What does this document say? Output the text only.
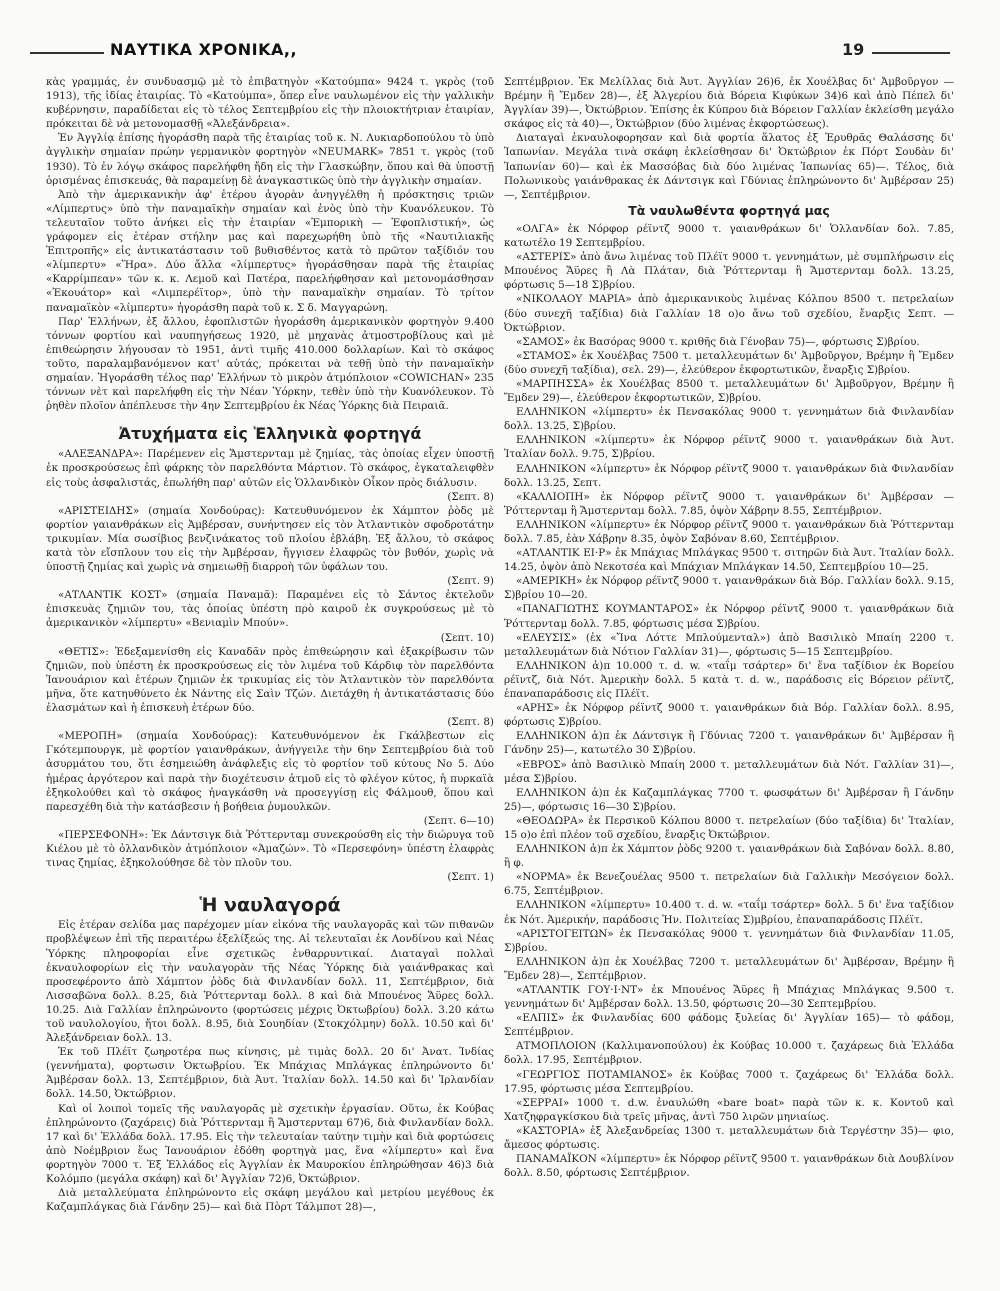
ΝΑΥΤΙΚΑ ΧΡΟΝΙΚΑ,,	19

κὰς γραμμάς, ἐν συνδυασμῷ μὲ τὸ ἐπιβατηγὸν «Κατούμπα» 9424 τ. γκρὸς (τοῦ 1913), τῆς ἰδίας ἑταιρίας. Τὸ «Κατούμπα», ὅπερ εἶνε ναυλωμένον εἰς τὴν γαλλικὴν κυβέρνησιν, παραδίδεται εἰς τὸ τέλος Σεπτεμβρίου εἰς τὴν πλοιοκτήτριαν ἑταιρίαν, πρόκειται δὲ νὰ μετονομασθῇ «Ἀλεξάνδρεια».

Ἐν Ἀγγλίᾳ ἐπίσης ἠγοράσθη παρὰ τῆς ἑταιρίας τοῦ κ. Ν. Λυκιαρδοπούλου τὸ ὑπὸ ἀγγλικὴν σημαίαν πρώην γερμανικὸν φορτηγὸν «NEUMARK» 7851 τ. γκρὸς (τοῦ 1930). Τὸ ἐν λόγῳ σκάφος παρελήφθη ἤδη εἰς τὴν Γλασκώβην, ὅπου καὶ θὰ ὑποστῇ ὁρισμένας ἐπισκευάς, θὰ παραμείνῃ δὲ ἀναγκαστικῶς ὑπὸ τὴν ἀγγλικὴν σημαίαν.

Ἀπὸ τὴν ἀμερικανικὴν ἀφ' ἑτέρου ἀγορὰν ἀνηγγέλθη ἡ πρόσκτησις τριῶν «Λίμπερτυς» ὑπὸ τὴν παναμαϊκὴν σημαίαν καὶ ἑνὸς ὑπὸ τὴν Κυανόλευκον. Τὸ τελευταῖον τοῦτο ἀνήκει εἰς τὴν ἑταιρίαν «Ἐμπορικὴ — Ἐφοπλιστική», ὡς γράφομεν εἰς ἑτέραν στήλην μας καὶ παρεχωρήθη ὑπὸ τῆς «Ναυτιλιακῆς Ἐπιτροπῆς» εἰς ἀντικατάστασιν τοῦ βυθισθέντος κατὰ τὸ πρῶτον ταξίδιόν του «λίμπερτυ» «Ἥρα». Δύο ἄλλα «λίμπερτυς» ἠγοράσθησαν παρὰ τῆς ἑταιρίας «Καρρίμπεαν» τῶν κ. κ. Λεμοῦ καὶ Πατέρα, παρελήφθησαν καὶ μετονομάσθησαν «Ἐκουάτορ» καὶ «Λιμπερέϊτορ», ὑπὸ τὴν παναμαϊκὴν σημαίαν. Τὸ τρίτον παναμαϊκὸν «λίμπερτυ» ἠγοράσθη παρὰ τοῦ κ. Σ δ. Μαγγαρώνη.

Παρ' Ἑλλήνων, ἐξ ἄλλου, ἐφοπλιστῶν ἠγοράσθη ἀμερικανικὸν φορτηγὸν 9.400 τόννων φορτίου καὶ ναυπηγήσεως 1920, μὲ μηχανὰς ἀτμοστροβίλους καὶ μὲ ἐπιθεώρησιν λήγουσαν τὸ 1951, ἀντὶ τιμῆς 410.000 δολλαρίων. Καὶ τὸ σκάφος τοῦτο, παραλαμβανόμενον κατ' αὐτάς, πρόκειται νὰ τεθῇ ὑπὸ τὴν παναμαϊκὴν σημαίαν. Ἠγοράσθη τέλος παρ' Ἑλλήνων τὸ μικρὸν ἀτμόπλοιον «COWICHAN» 235 τόννων νὲτ καὶ παρελήφθη εἰς τὴν Νέαν Ὑόρκην, τεθὲν ὑπὸ τὴν Κυανόλευκον. Τὸ ῥηθὲν πλοῖον ἀπέπλευσε τὴν 4ην Σεπτεμβρίου ἐκ Νέας Ὑόρκης διὰ Πειραιᾶ.

Ἀτυχήματα εἰς Ἑλληνικὰ φορτηγά

«ΑΛΕΞΑΝΔΡΑ»: Παρέμενεν εἰς Ἄμστερνταμ μὲ ζημίας, τὰς ὁποίας εἶχεν ὑποστῇ ἐκ προσκρούσεως ἐπὶ φάρκης τὸν παρελθόντα Μάρτιον. Τὸ σκάφος, ἐγκαταλειφθὲν εἰς τοὺς ἀσφαλιστάς, ἐπωλήθη παρ' αὐτῶν εἰς Ὁλλανδικὸν Οἶκον πρὸς διάλυσιν.

(Σεπτ. 8)

«ΑΡΙΣΤΕΙΔΗΣ» (σημαία Χονδούρας): Κατευθυνόμενον ἐκ Χάμπτον ῥὸδς μὲ φορτίον γαιανθράκων εἰς Ἀμβέρσαν, συνήντησεν εἰς τὸν Ἀτλαντικὸν σφοδροτάτην τρικυμίαν. Μία σωσίβιος βενζινάκατος τοῦ πλοίου ἐβλάβη. Ἐξ ἄλλου, τὸ σκάφος κατὰ τὸν εἴσπλουν του εἰς τὴν Ἀμβέρσαν, ἤγγισεν ἐλαφρῶς τὸν βυθόν, χωρὶς νὰ ὑποστῇ ζημίας καὶ χωρὶς νὰ σημειωθῇ διαρροὴ τῶν ὑφάλων του.

(Σεπτ. 9)

«ΑΤΛΑΝΤΙΚ ΚΟΣΤ» (σημαία Παναμᾶ): Παραμένει εἰς τὸ Σάντος ἐκτελοῦν ἐπισκευὰς ζημιῶν του, τὰς ὁποίας ὑπέστη πρὸ καιροῦ ἐκ συγκρούσεως μὲ τὸ ἀμερικανικὸν «λίμπερτυ» «Βενιαμὶν Μπούν».

(Σεπτ. 10)

«ΘΕΤΙΣ»: Ἐδεξαμενίσθη εἰς Καναδᾶν πρὸς ἐπιθεώρησιν καὶ ἐξακρίβωσιν τῶν ζημιῶν, ποὺ ὑπέστη ἐκ προσκρούσεως εἰς τὸν λιμένα τοῦ Κάρδιφ τὸν παρελθόντα Ἰανουάριον καὶ ἑτέρων ζημιῶν ἐκ τρικυμίας εἰς τὸν Ἀτλαντικὸν τὸν παρελθόντα μῆνα, ὅτε κατηυθύνετο ἐκ Νάντης εἰς Σαὶν Τζών. Διετάχθη ἡ ἀντικατάστασις δύο ἐλασμάτων καὶ ἡ ἐπισκευὴ ἑτέρων δύο.

(Σεπτ. 8)

«ΜΕΡΟΠΗ» (σημαία Χονδούρας): Κατευθυνόμενον ἐκ Γκάλβεστων εἰς Γκότεμπουργκ, μὲ φορτίον γαιανθράκων, ἀνήγγειλε τὴν 6ην Σεπτεμβρίου διὰ τοῦ ἀσυρμάτου του, ὅτι ἐσημειώθη ἀνάφλεξις εἰς τὸ φορτίον τοῦ κύτους No 5. Δύο ἡμέρας ἀργότερον καὶ παρὰ τὴν διοχέτευσιν ἀτμοῦ εἰς τὸ φλέγον κύτος, ἡ πυρκαϊὰ ἐξηκολούθει καὶ τὸ σκάφος ἠναγκάσθη νὰ προσεγγίσῃ εἰς Φάλμουθ, ὅπου καὶ παρεσχέθη διὰ τὴν κατάσβεσιν ἡ βοήθεια ῥυμουλκῶν.

(Σεπτ. 6—10)

«ΠΕΡΣΕΦΟΝΗ»: Ἐκ Δάντσιγκ διὰ Ῥόττερνταμ συνεκρούσθη εἰς τὴν διώρυγα τοῦ Κιέλου μὲ τὸ ὁλλανδικὸν ἀτμόπλοιον «Ἀμαζών». Τὸ «Περσεφόνη» ὑπέστη ἐλαφρὰς τινας ζημίας, ἐξηκολούθησε δὲ τὸν πλοῦν του.

(Σεπτ. 1)

Ἡ ναυλαγορά

Εἰς ἑτέραν σελίδα μας παρέχομεν μίαν εἰκόνα τῆς ναυλαγορᾶς καὶ τῶν πιθανῶν προβλέψεων ἐπὶ τῆς περαιτέρω ἐξελίξεώς της. Αἱ τελευταῖαι ἐκ Λονδίνου καὶ Νέας Ὑόρκης πληροφορίαι εἶνε σχετικῶς ἐνθαρρυντικαί. Διαταγαὶ πολλαὶ ἐκναυλοφορίων εἰς τὴν ναυλαγορὰν τῆς Νέας Ὑόρκης διὰ γαιάνθρακας καὶ προσεφέροντο ἀπὸ Χάμπτον ῥὸδς διὰ Φινλανδίαν δολλ. 11, Σεπτέμβριον, διὰ Λισσαβῶνα δολλ. 8.25, διὰ Ῥόττερνταμ δολλ. 8 καὶ διὰ Μπουένος Ἄϋρες δολλ. 10.25. Διὰ Γαλλίαν ἐπληρώνοντο (φορτώσεις μέχρις Ὀκτωβρίου) δολλ. 3.20 κάτω τοῦ ναυλολογίου, ἤτοι δολλ. 8.95, διὰ Σουηδίαν (Στοκχόλμην) δολλ. 10.50 καὶ δι' Ἀλεξάνδρειαν δολλ. 13.

Ἐκ τοῦ Πλέϊτ ζωηροτέρα πως κίνησις, μὲ τιμὰς δολλ. 20 δι' Ἀνατ. Ἰνδίας (γεννήματα), φορτωσιν Ὀκτωβρίου. Ἐκ Μπάχιας Μπλάγκας ἐπληρώνοντο δι' Ἀμβέρσαν δολλ. 13, Σεπτέμβριον, διὰ Ἀυτ. Ἰταλίαν δολλ. 14.50 καὶ δι' Ἰρλανδίαν δολλ. 14.50, Ὀκτώβριον.

Καὶ οἱ λοιποὶ τομεῖς τῆς ναυλαγορᾶς μὲ σχετικὴν ἐργασίαν. Οὕτω, ἐκ Κούβας ἐπληρώνοντο (ζαχάρεις) διὰ Ῥόττερνταμ ἢ Ἄμστερνταμ 67)6, διὰ Φινλανδίαν δολλ. 17 καὶ δι' Ἑλλάδα δολλ. 17.95. Εἰς τὴν τελευταίαν ταύτην τιμὴν καὶ διὰ φορτώσεις ἀπὸ Νοέμβριον ἕως Ἰανουάριον ἐδόθη φορτηγὰ μας, ἕνα «λίμπερτυ» καὶ ἕνα φορτηγὸν 7000 τ. Ἐξ Ἑλλάδος εἰς Ἀγγλίαν ἐκ Μαυροκίου ἐπληρώθησαν 46)3 διὰ Κολόμπο (μεγάλα σκάφη) καὶ δι' Ἀγγλίαν 72)6, Ὀκτώβριον.

Διὰ μεταλλεύματα ἐπληρώνοντο εἰς σκάφη μεγάλου καὶ μετρίου μεγέθους ἐκ Καζαμπλάγκας διὰ Γάνδην 25)— καὶ διὰ Πὸρτ Τάλμποτ 28)—,

Σεπτέμβριον. Ἐκ Μελίλλας διὰ Ἀυτ. Ἀγγλίαν 26)6, ἐκ Χουέλβας δι' Ἀμβοῦργον — Βρέμην ἢ Ἔμδεν 28)—, ἐξ Ἀλγερίου διὰ Βόρεια Κιφύκων 34)6 καὶ ἀπὸ Πέπελ δι' Ἀγγλίαν 39)—, Ὀκτώβριον. Ἐπίσης ἐκ Κύπρου διὰ Βόρειον Γαλλίαν ἐκλείσθη μεγάλο σκάφος εἰς τὰ 40)—, Ὀκτώβριον (δύο λιμένας ἐκφορτώσεως).

Διαταγαὶ ἐκναυλοφορησαν καὶ διὰ φορτία ἅλατος ἐξ Ἐρυθρᾶς Θαλάσσης δι' Ἰαπωνίαν. Μεγάλα τινὰ σκάφη ἐκλείσθησαν δι' Ὀκτώβριον ἐκ Πόρτ Σουδὰν δι' Ἰαπωνίαν 60)— καὶ ἐκ Μασσόβας διὰ δύο λιμένας Ἰαπωνίας 65)—. Τέλος, διὰ Πολωνικοὺς γαιάνθρακας ἐκ Δάντσιγκ καὶ Γδύνιας ἐπληρώνοντο δι' Ἀμβέρσαν 25)—, Σεπτέμβριον.

Τὰ ναυλωθέντα φορτηγά μας

«ΟΛΓΑ» ἐκ Νόρφορ ρέϊντζ 9000 τ. γαιανθράκων δι' Ὁλλανδίαν δολ. 7.85, κατωτέλο 19 Σεπτεμβρίου.

«ΑΣΤΕΡΙΣ» ἀπὸ ἄνω λιμένας τοῦ Πλέϊτ 9000 τ. γεννημάτων, μὲ συμπλήρωσιν εἰς Μπουένος Ἄϋρες ἢ Λὰ Πλάταν, διὰ Ῥόττερνταμ ἢ Ἄμστερνταμ δολλ. 13.25, φόρτωσις 5—18 Σ)βρίου.

«ΝΙΚΟΛΑΟΥ ΜΑΡΙΑ» ἀπὸ ἀμερικανικοὺς λιμένας Κόλπου 8500 τ. πετρελαίων (δύο συνεχῆ ταξίδια) διὰ Γαλλίαν 18 ο)ο ἄνω τοῦ σχεδίου, ἔναρξις Σεπτ. — Ὀκτώβριον.

«ΣΑΜΟΣ» ἐκ Βασόρας 9000 τ. κριθῆς διὰ Γένοβαν 75)—, φόρτωσις Σ)βρίου.

«ΣΤΑΜΟΣ» ἐκ Χουέλβας 7500 τ. μεταλλευμάτων δι' Ἀμβοῦργον, Βρέμην ἢ Ἔμδεν (δύο συνεχῆ ταξίδια), σελ. 29)—, ἐλεύθερον ἐκφορτωτικῶν, ἔναρξις Σ)βρίου.

«ΜΑΡΠΗΣΣΑ» ἐκ Χουέλβας 8500 τ. μεταλλευμάτων δι' Ἀμβοῦργον, Βρέμην ἢ Ἔμδεν 29)—, ἐλεύθερον ἐκφορτωτικῶν, Σ)βρίου.

ΕΛΛΗΝΙΚΟΝ «λίμπερτυ» ἐκ Πενσακόλας 9000 τ. γεννημάτων διὰ Φινλανδίαν δολλ. 13.25, Σ)βρίου.

ΕΛΛΗΝΙΚΟΝ «λίμπερτυ» ἐκ Νόρφορ ρέϊντζ 9000 τ. γαιανθράκων διὰ Ἀυτ. Ἰταλίαν δολλ. 9.75, Σ)βρίου.

ΕΛΛΗΝΙΚΟΝ «λίμπερτυ» ἐκ Νόρφορ ρέϊντζ 9000 τ. γαιανθράκων διὰ Φινλανδίαν δολλ. 13.25, Σεπτ.

«ΚΑΛΛΙΟΠΗ» ἐκ Νόρφορ ρέϊντζ 9000 τ. γαιανθράκων δι' Ἀμβέρσαν — Ῥόττερνταμ ἢ Ἄμστερνταμ δολλ. 7.85, ὀψὸν Χάβρην 8.55, Σεπτέμβριον.

ΕΛΛΗΝΙΚΟΝ «λίμπερτυ» ἐκ Νόρφορ ρέϊντζ 9000 τ. γαιανθράκων διὰ Ῥόττερνταμ δολλ. 7.85, ἐὰν Χάβρην 8.35, ὀψὸν Σαβόναν 8.60, Σεπτέμβριον.

«ΑΤΛΑΝΤΙΚ ΕΙ·Ρ» ἐκ Μπάχιας Μπλάγκας 9500 τ. σιτηρῶν διὰ Ἀυτ. Ἰταλίαν δολλ. 14.25, ὀψὸν ἀπὸ Νεκοτσέα καὶ Μπάχιαν Μπλάγκαν 14.50, Σεπτεμβρίου 10—25.

«ΑΜΕΡΙΚΗ» ἐκ Νόρφορ ρέϊντζ 9000 τ. γαιανθράκων διὰ Βόρ. Γαλλίαν δολλ. 9.15, Σ)βρίου 10—20.

«ΠΑΝΑΓΙΩΤΗΣ ΚΟΥΜΑΝΤΑΡΟΣ» ἐκ Νόρφορ ρέϊντζ 9000 τ. γαιανθράκων διὰ Ῥόττερνταμ δολλ. 7.85, φόρτωσις μέσα Σ)βρίου.

«ΕΛΕΥΣΙΣ» (ἐx «Ἴνα Λόττε Μπλούμενταλ») ἀπὸ Βασιλικὸ Μπαίη 2200 τ. μεταλλευμάτων διὰ Νότιον Γαλλίαν 31)—, φόρτωσις 5—15 Σεπτεμβρίου.

ΕΛΛΗΝΙΚΟΝ ἀ)π 10.000 τ. d. w. «ταΐμ τσάρτερ» δι' ἕνα ταξίδιον ἐκ Βορείου ρέϊντζ, διὰ Νότ. Ἀμερικὴν δολλ. 5 κατὰ τ. d. w., παράδοσις εἰς Βόρειον ρέϊντζ, ἐπαναπαράδοσις εἰς Πλέϊτ.

«ΑΡΗΣ» ἐκ Νόρφορ ρέϊντζ 9000 τ. γαιανθράκων διὰ Βόρ. Γαλλίαν δολλ. 8.95, φόρτωσις Σ)βρίου.

ΕΛΛΗΝΙΚΟΝ ἀ)π ἐκ Δάντσιγκ ἢ Γδύνιας 7200 τ. γαιανθράκων δι' Ἀμβέρσαν ἢ Γάνδην 25)—, κατωτέλο 30 Σ)βρίου.

«ΕΒΡΟΣ» ἀπὸ Βασιλικὸ Μπαίη 2000 τ. μεταλλευμάτων διὰ Νότ. Γαλλίαν 31)—, μέσα Σ)βρίου.

ΕΛΛΗΝΙΚΟΝ ἀ)π ἐκ Καζαμπλάγκας 7700 τ. φωσφάτων δι' Ἀμβέρσαν ἢ Γάνδην 25)—, φόρτωσις 16—30 Σ)βρίου.

«ΘΕΟΔΩΡΑ» ἐκ Περσικοῦ Κόλπου 8000 τ. πετρελαίων (δύο ταξίδια) δι' Ἰταλίαν, 15 ο)ο ἐπὶ πλέον τοῦ σχεδίου, ἔναρξις Ὀκτώβριον.

ΕΛΛΗΝΙΚΟΝ ἀ)π ἐκ Χάμπτον ῥὸδς 9200 τ. γαιανθράκων διὰ Σαβόναν δολλ. 8.80, ἢ φ.

«ΝΟΡΜΑ» ἐκ Βενεζουέλας 9500 τ. πετρελαίων διὰ Γαλλικὴν Μεσόγειον δολλ. 6.75, Σεπτέμβριον.

ΕΛΛΗΝΙΚΟΝ «λίμπερτυ» 10.400 τ. d. w. «ταΐμ τσάρτερ» δολλ. 5 δι' ἕνα ταξίδιον ἐκ Νότ. Ἀμερικήν, παράδοσις Ἡν. Πολιτείας Σ)μβρίου, ἐπαναπαράδοσις Πλέϊτ.

«ΑΡΙΣΤΟΓΕΙΤΩΝ» ἐκ Πενσακόλας 9000 τ. γεννημάτων διὰ Φινλανδίαν 11.05, Σ)βρίου.

ΕΛΛΗΝΙΚΟΝ ἀ)π ἐκ Χουέλβας 7200 τ. μεταλλευμάτων δι' Ἀμβέρσαν, Βρέμην ἢ Ἔμδεν 28)—, Σεπτέμβριον.

«ΑΤΛΑΝΤΙΚ ΓΟΥ·Ι·ΝΤ» ἐκ Μπουένος Ἄϋρες ἢ Μπάχιας Μπλάγκας 9.500 τ. γεννημάτων δι' Ἀμβέρσαν δολλ. 13.50, φόρτωσις 20—30 Σεπτεμβρίου.

«ΕΛΠΙΣ» ἐκ Φινλανδίας 600 φάδομς ξυλείας δι' Ἀγγλίαν 165)— τὸ φάδομ, Σεπτέμβριον.

ΑΤΜΟΠΛΟΙΟΝ (Καλλιμανοπούλου) ἐκ Κούβας 10.000 τ. ζαχάρεως διὰ Ἑλλάδα δολλ. 17.95, Σεπτέμβριον.

«ΓΕΩΡΓΙΟΣ ΠΟΤΑΜΙΑΝΟΣ» ἐκ Κούβας 7000 τ. ζαχάρεως δι' Ἑλλάδα δολλ. 17.95, φόρτωσις μέσα Σεπτεμβρίου.

«ΣΕΡΡΑΙ» 1000 τ. d.w. ἐναυλώθη «bare boat» παρὰ τῶν κ. κ. Κοντοῦ καὶ Χατζηφραγκίσκου διὰ τρεῖς μῆνας, ἀντὶ 750 λιρῶν μηνιαίως.

«ΚΑΣΤΟΡΙΑ» ἐξ Ἀλεξανδρείας 1300 τ. μεταλλευμάτων διὰ Τεργέστην 35)— φιο, ἄμεσος φόρτωσις.

ΠΑΝΑΜΑΪΚΟΝ «λίμπερτυ» ἐκ Νόρφορ ρέϊντζ 9500 τ. γαιανθράκων διὰ Δουβλίνον δολλ. 8.50, φόρτωσις Σεπτέμβριον.
